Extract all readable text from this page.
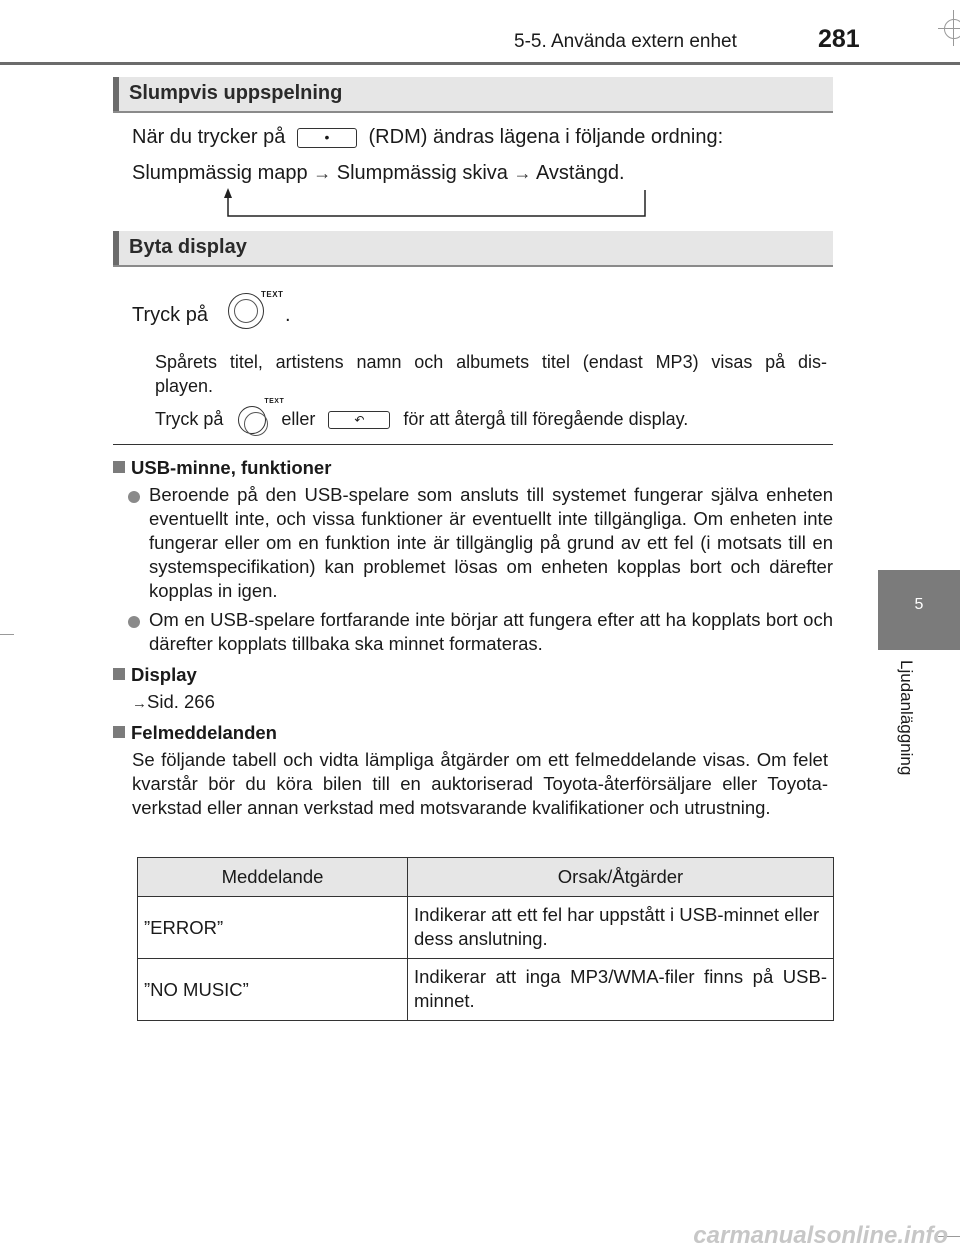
5-5. Använda extern enhet	281
5
Ljudanläggning
Slumpvis uppspelning
När du trycker på	• (RDM) ändras lägena i följande ordning:
Slumpmässig mapp → Slumpmässig skiva → Avstängd.
Byta display
Tryck på
TEXT
.
Spårets titel, artistens namn och albumets titel (endast MP3) visas på dis-
playen.
Tryck på
TEXT
eller	↶ för att återgå till föregående display.
USB-minne, funktioner
Beroende på den USB-spelare som ansluts till systemet fungerar själva enheten eventuellt inte, och vissa funktioner är eventuellt inte tillgängliga. Om enheten inte fungerar eller om en funktion inte är tillgänglig på grund av ett fel (i motsats till en systemspecifikation) kan problemet lösas om enheten kopplas bort och därefter kopplas in igen.
Om en USB-spelare fortfarande inte börjar att fungera efter att ha kopplats bort och därefter kopplats tillbaka ska minnet formateras.
Display
→Sid. 266
Felmeddelanden
Se följande tabell och vidta lämpliga åtgärder om ett felmeddelande visas. Om felet kvarstår bör du köra bilen till en auktoriserad Toyota-återförsäljare eller Toyota-verkstad eller annan verkstad med motsvarande kvalifikationer och utrustning.
Meddelande	Orsak/Åtgärder
”ERROR”	Indikerar att ett fel har uppstått i USB-minnet eller dess anslutning.
”NO MUSIC”	Indikerar att inga MP3/WMA-filer finns på USB-minnet.
carmanualsonline.info
